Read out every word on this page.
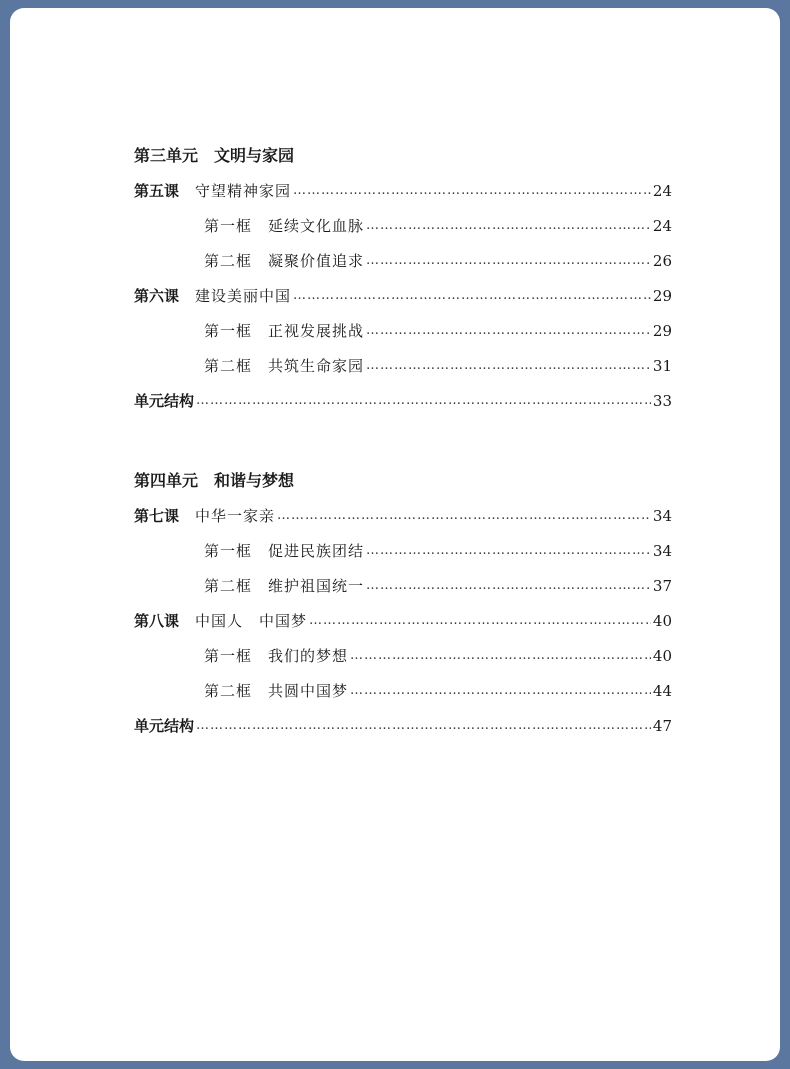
第三单元 文明与家园
第五课 守望精神家园 …………………………………………………………………………………………………………………………	24
第一框 延续文化血脉 …………………………………………………………………………………………………………………………	24
第二框 凝聚价值追求 …………………………………………………………………………………………………………………………	26
第六课 建设美丽中国 …………………………………………………………………………………………………………………………	29
第一框 正视发展挑战 …………………………………………………………………………………………………………………………	29
第二框 共筑生命家园 …………………………………………………………………………………………………………………………	31
单元结构 …………………………………………………………………………………………………………………………	33
第四单元 和谐与梦想
第七课 中华一家亲 …………………………………………………………………………………………………………………………	34
第一框 促进民族团结 …………………………………………………………………………………………………………………………	34
第二框 维护祖国统一 …………………………………………………………………………………………………………………………	37
第八课 中国人　中国梦 …………………………………………………………………………………………………………………………	40
第一框 我们的梦想 …………………………………………………………………………………………………………………………	40
第二框 共圆中国梦 …………………………………………………………………………………………………………………………	44
单元结构 …………………………………………………………………………………………………………………………	47
